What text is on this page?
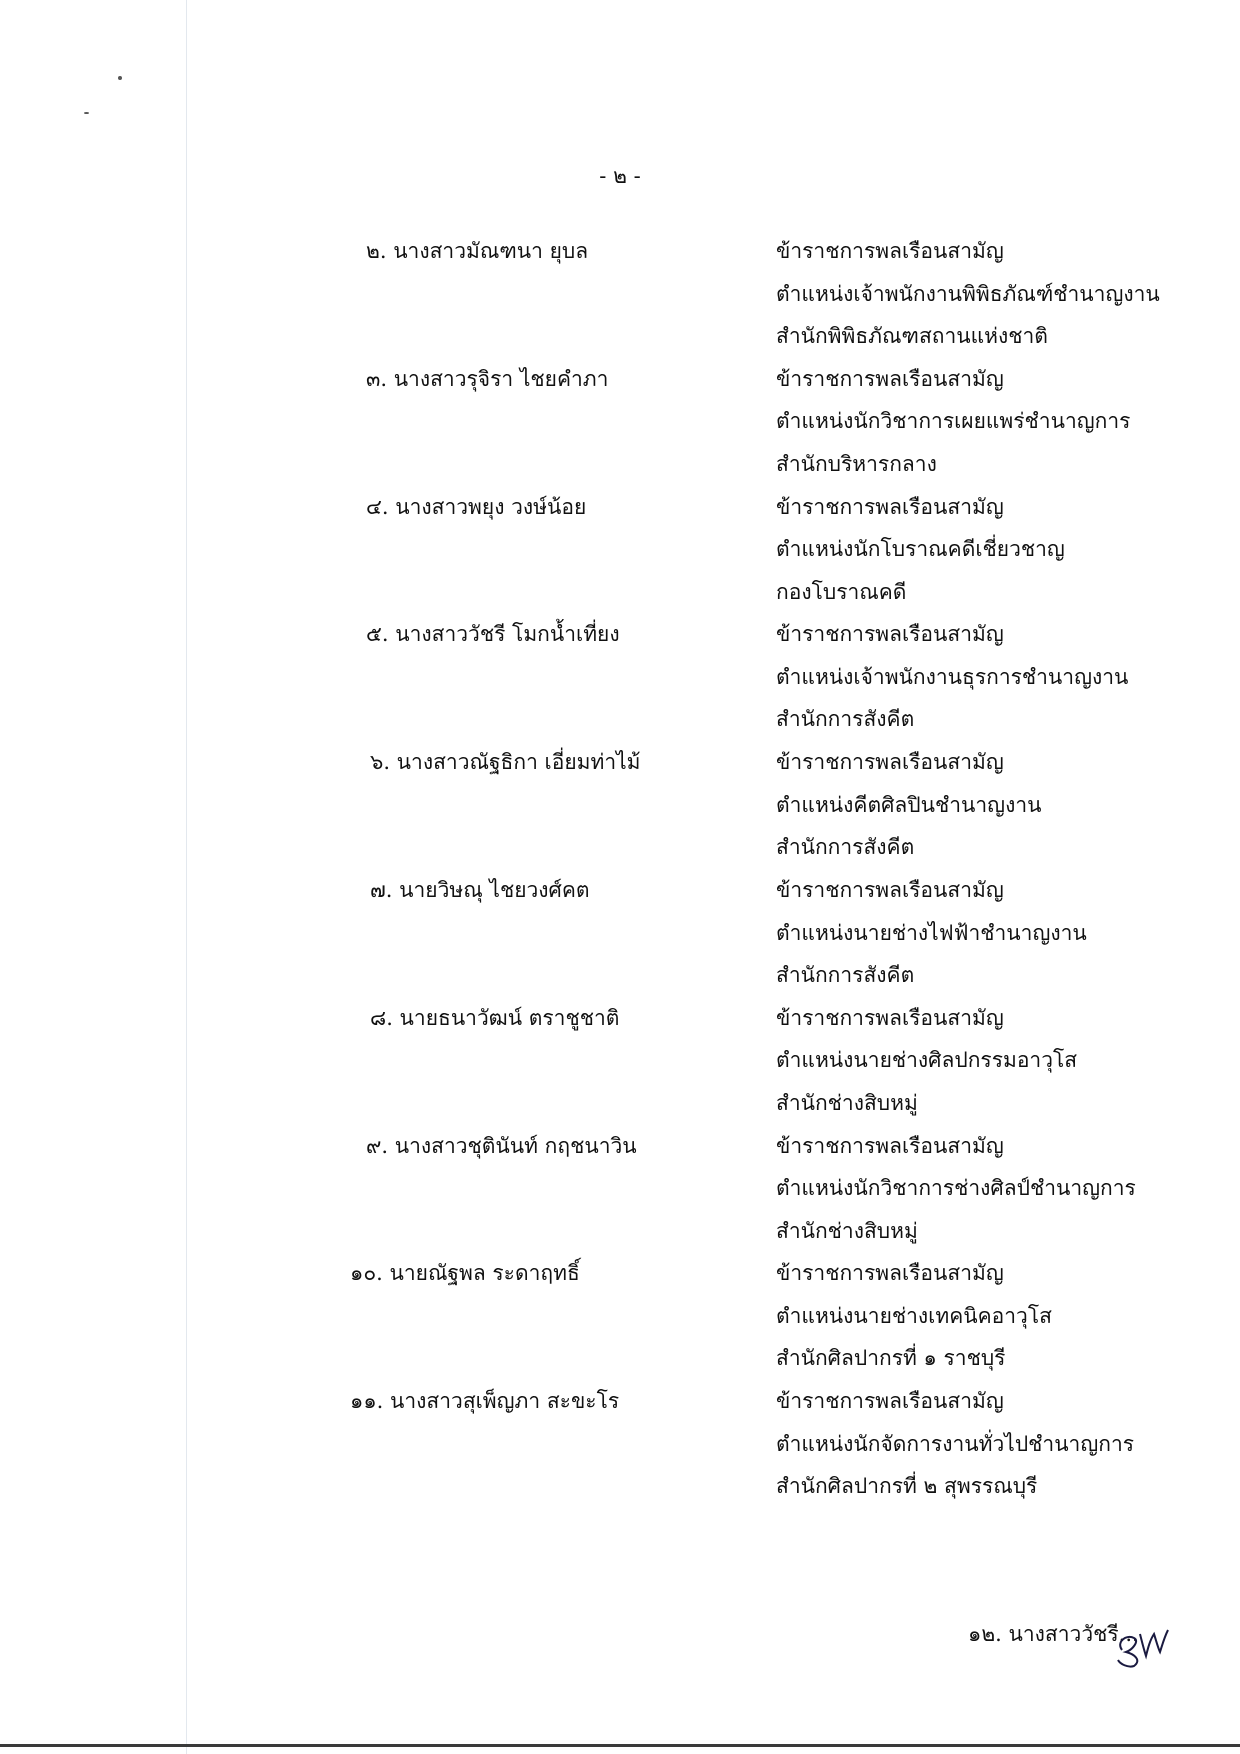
- ๒ -
๒. นางสาวมัณฑนา ยุบล	ข้าราชการพลเรือนสามัญ
ตำแหน่งเจ้าพนักงานพิพิธภัณฑ์ชำนาญงาน
สำนักพิพิธภัณฑสถานแห่งชาติ
๓. นางสาวรุจิรา ไชยคำภา	ข้าราชการพลเรือนสามัญ
ตำแหน่งนักวิชาการเผยแพร่ชำนาญการ
สำนักบริหารกลาง
๔. นางสาวพยุง วงษ์น้อย	ข้าราชการพลเรือนสามัญ
ตำแหน่งนักโบราณคดีเชี่ยวชาญ
กองโบราณคดี
๕. นางสาววัชรี โมกน้ำเที่ยง	ข้าราชการพลเรือนสามัญ
ตำแหน่งเจ้าพนักงานธุรการชำนาญงาน
สำนักการสังคีต
๖. นางสาวณัฐธิกา เอี่ยมท่าไม้	ข้าราชการพลเรือนสามัญ
ตำแหน่งคีตศิลปินชำนาญงาน
สำนักการสังคีต
๗. นายวิษณุ ไชยวงศ์คต	ข้าราชการพลเรือนสามัญ
ตำแหน่งนายช่างไฟฟ้าชำนาญงาน
สำนักการสังคีต
๘. นายธนาวัฒน์ ตราชูชาติ	ข้าราชการพลเรือนสามัญ
ตำแหน่งนายช่างศิลปกรรมอาวุโส
สำนักช่างสิบหมู่
๙. นางสาวชุตินันท์ กฤชนาวิน	ข้าราชการพลเรือนสามัญ
ตำแหน่งนักวิชาการช่างศิลป์ชำนาญการ
สำนักช่างสิบหมู่
๑๐. นายณัฐพล ระดาฤทธิ์	ข้าราชการพลเรือนสามัญ
ตำแหน่งนายช่างเทคนิคอาวุโส
สำนักศิลปากรที่ ๑ ราชบุรี
๑๑. นางสาวสุเพ็ญภา สะขะโร	ข้าราชการพลเรือนสามัญ
ตำแหน่งนักจัดการงานทั่วไปชำนาญการ
สำนักศิลปากรที่ ๒ สุพรรณบุรี
๑๒. นางสาววัชรี...
